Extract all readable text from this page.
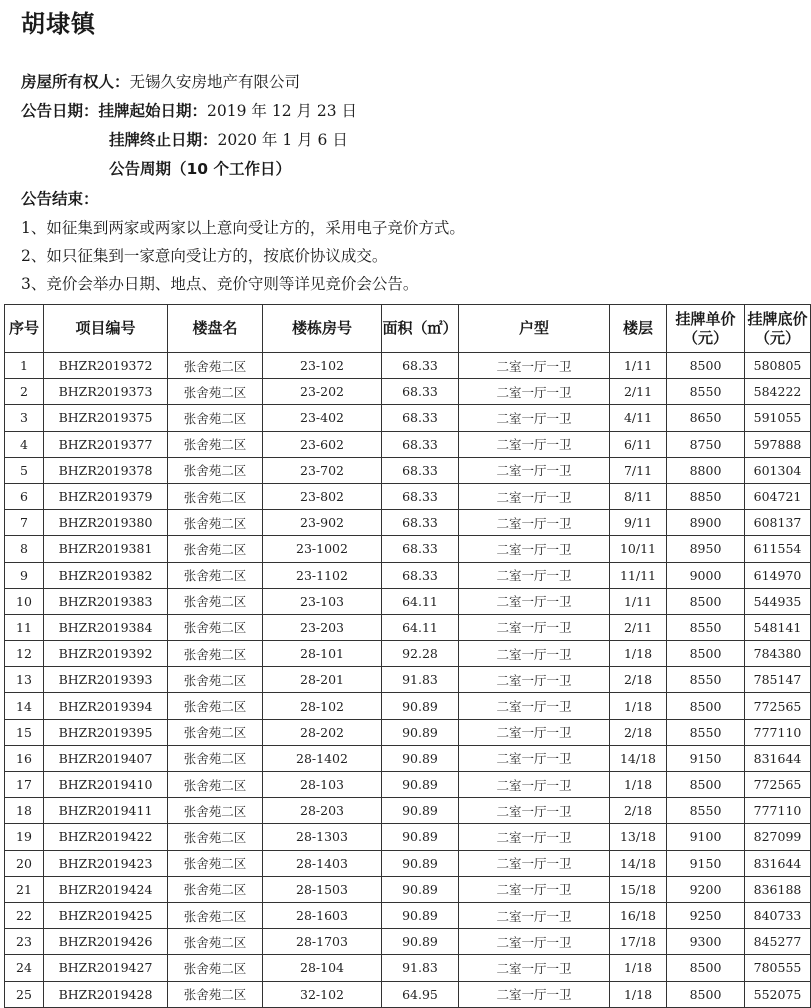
胡埭镇
房屋所有权人：无锡久安房地产有限公司
公告日期：挂牌起始日期：2019 年 12 月 23 日
挂牌终止日期：2020 年 1 月 6 日
公告周期（10 个工作日）
公告结束：
1、如征集到两家或两家以上意向受让方的，采用电子竞价方式。
2、如只征集到一家意向受让方的，按底价协议成交。
3、竞价会举办日期、地点、竞价守则等详见竞价会公告。
序号	项目编号	楼盘名	楼栋房号	面积（㎡）	户型	楼层	挂牌单价（元）	挂牌底价（元）
1	BHZR2019372	张舍苑二区	23-102	68.33	二室一厅一卫	1/11	8500	580805
2	BHZR2019373	张舍苑二区	23-202	68.33	二室一厅一卫	2/11	8550	584222
3	BHZR2019375	张舍苑二区	23-402	68.33	二室一厅一卫	4/11	8650	591055
4	BHZR2019377	张舍苑二区	23-602	68.33	二室一厅一卫	6/11	8750	597888
5	BHZR2019378	张舍苑二区	23-702	68.33	二室一厅一卫	7/11	8800	601304
6	BHZR2019379	张舍苑二区	23-802	68.33	二室一厅一卫	8/11	8850	604721
7	BHZR2019380	张舍苑二区	23-902	68.33	二室一厅一卫	9/11	8900	608137
8	BHZR2019381	张舍苑二区	23-1002	68.33	二室一厅一卫	10/11	8950	611554
9	BHZR2019382	张舍苑二区	23-1102	68.33	二室一厅一卫	11/11	9000	614970
10	BHZR2019383	张舍苑二区	23-103	64.11	二室一厅一卫	1/11	8500	544935
11	BHZR2019384	张舍苑二区	23-203	64.11	二室一厅一卫	2/11	8550	548141
12	BHZR2019392	张舍苑二区	28-101	92.28	二室一厅一卫	1/18	8500	784380
13	BHZR2019393	张舍苑二区	28-201	91.83	二室一厅一卫	2/18	8550	785147
14	BHZR2019394	张舍苑二区	28-102	90.89	二室一厅一卫	1/18	8500	772565
15	BHZR2019395	张舍苑二区	28-202	90.89	二室一厅一卫	2/18	8550	777110
16	BHZR2019407	张舍苑二区	28-1402	90.89	二室一厅一卫	14/18	9150	831644
17	BHZR2019410	张舍苑二区	28-103	90.89	二室一厅一卫	1/18	8500	772565
18	BHZR2019411	张舍苑二区	28-203	90.89	二室一厅一卫	2/18	8550	777110
19	BHZR2019422	张舍苑二区	28-1303	90.89	二室一厅一卫	13/18	9100	827099
20	BHZR2019423	张舍苑二区	28-1403	90.89	二室一厅一卫	14/18	9150	831644
21	BHZR2019424	张舍苑二区	28-1503	90.89	二室一厅一卫	15/18	9200	836188
22	BHZR2019425	张舍苑二区	28-1603	90.89	二室一厅一卫	16/18	9250	840733
23	BHZR2019426	张舍苑二区	28-1703	90.89	二室一厅一卫	17/18	9300	845277
24	BHZR2019427	张舍苑二区	28-104	91.83	二室一厅一卫	1/18	8500	780555
25	BHZR2019428	张舍苑二区	32-102	64.95	二室一厅一卫	1/18	8500	552075
